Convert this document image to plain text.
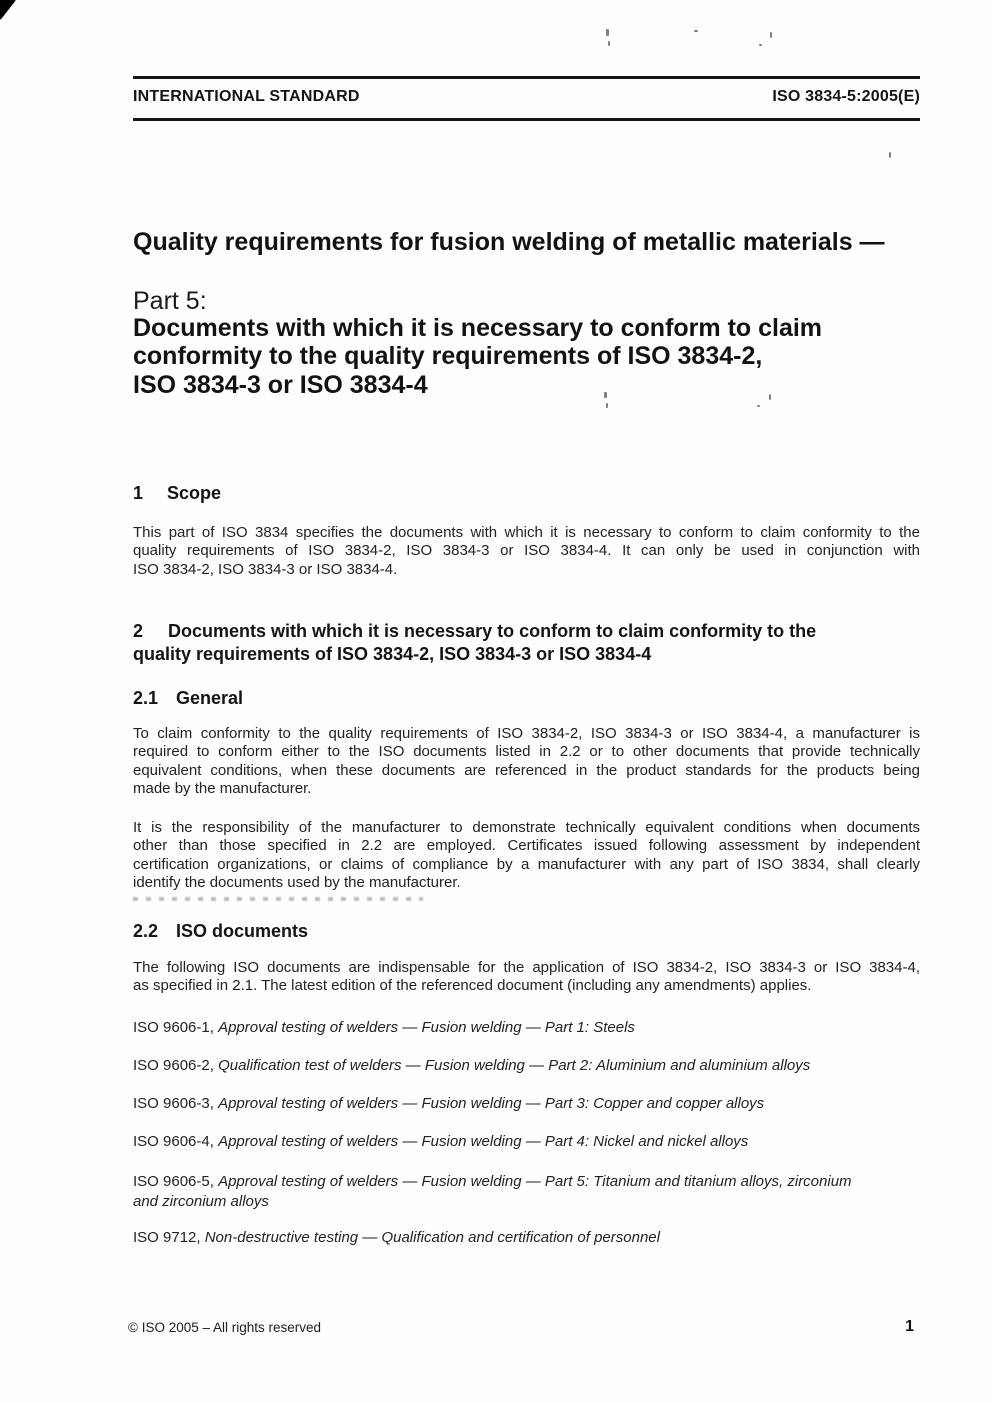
INTERNATIONAL STANDARD	ISO 3834-5:2005(E)
Quality requirements for fusion welding of metallic materials —
Part 5:
Documents with which it is necessary to conform to claim
conformity to the quality requirements of ISO 3834-2,
ISO 3834-3 or ISO 3834-4
1 Scope
This part of ISO 3834 specifies the documents with which it is necessary to conform to claim conformity to the
quality requirements of ISO 3834-2, ISO 3834-3 or ISO 3834-4. It can only be used in conjunction with
ISO 3834-2, ISO 3834-3 or ISO 3834-4.
2 Documents with which it is necessary to conform to claim conformity to the
quality requirements of ISO 3834-2, ISO 3834-3 or ISO 3834-4
2.1 General
To claim conformity to the quality requirements of ISO 3834-2, ISO 3834-3 or ISO 3834-4, a manufacturer is
required to conform either to the ISO documents listed in 2.2 or to other documents that provide technically
equivalent conditions, when these documents are referenced in the product standards for the products being
made by the manufacturer.
It is the responsibility of the manufacturer to demonstrate technically equivalent conditions when documents
other than those specified in 2.2 are employed. Certificates issued following assessment by independent
certification organizations, or claims of compliance by a manufacturer with any part of ISO 3834, shall clearly
identify the documents used by the manufacturer.
2.2 ISO documents
The following ISO documents are indispensable for the application of ISO 3834-2, ISO 3834-3 or ISO 3834-4,
as specified in 2.1. The latest edition of the referenced document (including any amendments) applies.

ISO 9606-1, Approval testing of welders — Fusion welding — Part 1: Steels

ISO 9606-2, Qualification test of welders — Fusion welding — Part 2: Aluminium and aluminium alloys

ISO 9606-3, Approval testing of welders — Fusion welding — Part 3: Copper and copper alloys

ISO 9606-4, Approval testing of welders — Fusion welding — Part 4: Nickel and nickel alloys

ISO 9606-5, Approval testing of welders — Fusion welding — Part 5: Titanium and titanium alloys, zirconium
and zirconium alloys

ISO 9712, Non-destructive testing — Qualification and certification of personnel

© ISO 2005 – All rights reserved	1
